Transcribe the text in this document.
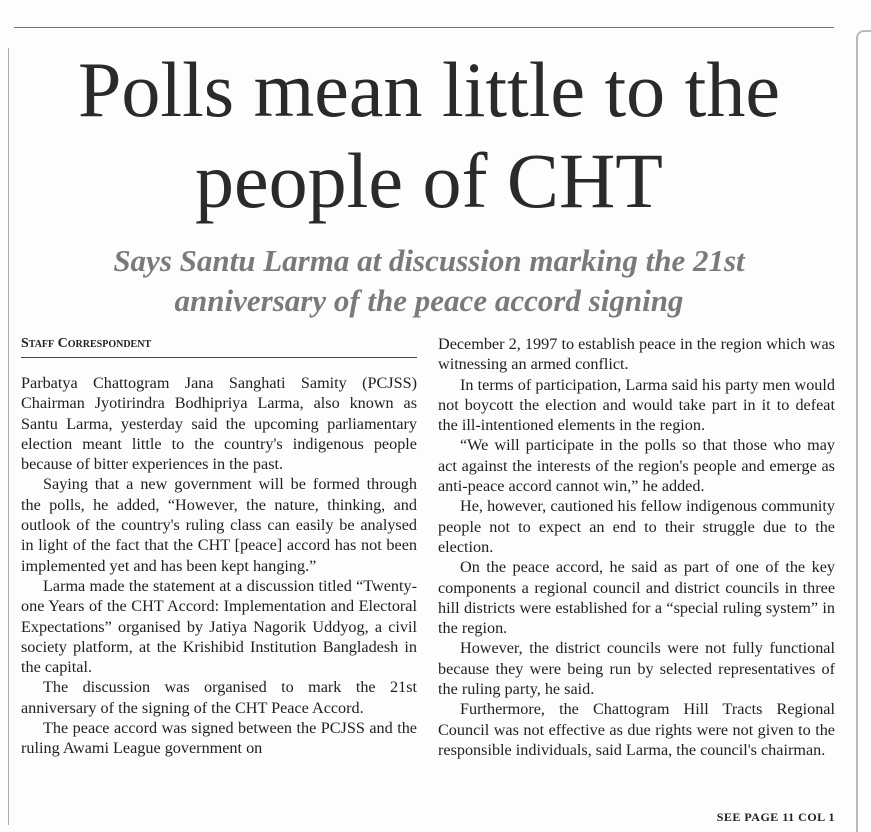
Polls mean little to the people of CHT
Says Santu Larma at discussion marking the 21st anniversary of the peace accord signing
Staff Correspondent

Parbatya Chattogram Jana Sanghati Samity (PCJSS) Chairman Jyotirindra Bodhipriya Larma, also known as Santu Larma, yesterday said the upcoming parliamentary election meant little to the country's indigenous people because of bitter experiences in the past.

Saying that a new government will be formed through the polls, he added, “However, the nature, thinking, and outlook of the country's ruling class can easily be analysed in light of the fact that the CHT [peace] accord has not been implemented yet and has been kept hanging.”

Larma made the statement at a discussion titled “Twenty-one Years of the CHT Accord: Implementation and Electoral Expectations” organised by Jatiya Nagorik Uddyog, a civil society platform, at the Krishibid Institution Bangladesh in the capital.

The discussion was organised to mark the 21st anniversary of the signing of the CHT Peace Accord.

The peace accord was signed between the PCJSS and the ruling Awami League government on

December 2, 1997 to establish peace in the region which was witnessing an armed conflict.

In terms of participation, Larma said his party men would not boycott the election and would take part in it to defeat the ill-intentioned elements in the region.

“We will participate in the polls so that those who may act against the interests of the region's people and emerge as anti-peace accord cannot win,” he added.

He, however, cautioned his fellow indigenous community people not to expect an end to their struggle due to the election.

On the peace accord, he said as part of one of the key components a regional council and district councils in three hill districts were established for a “special ruling system” in the region.

However, the district councils were not fully functional because they were being run by selected representatives of the ruling party, he said.

Furthermore, the Chattogram Hill Tracts Regional Council was not effective as due rights were not given to the responsible individuals, said Larma, the council's chairman.

SEE PAGE 11 COL 1
